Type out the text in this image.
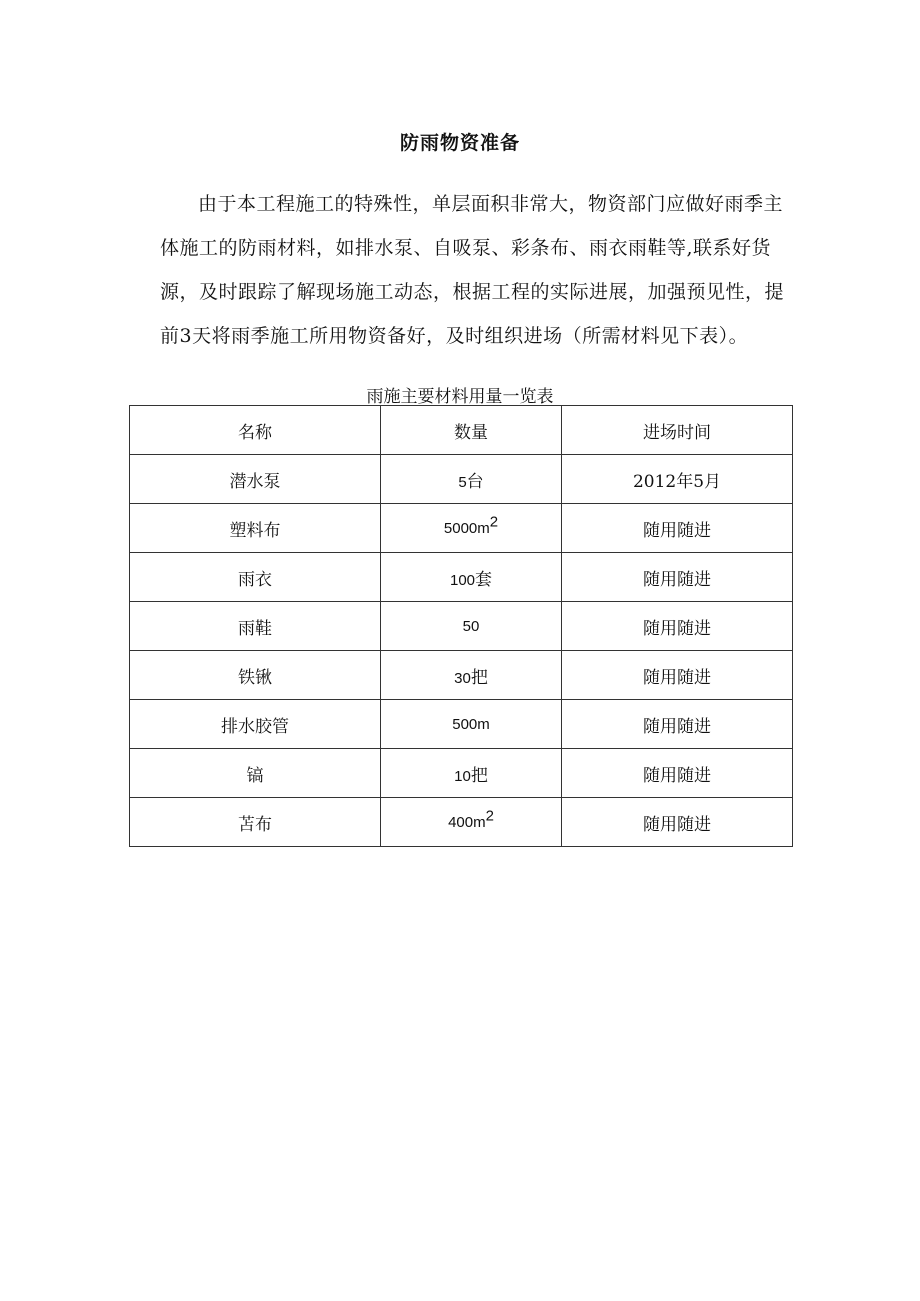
防雨物资准备

由于本工程施工的特殊性，单层面积非常大，物资部门应做好雨季主体施工的防雨材料，如排水泵、自吸泵、彩条布、雨衣雨鞋等,联系好货源，及时跟踪了解现场施工动态，根据工程的实际进展，加强预见性，提前3天将雨季施工所用物资备好，及时组织进场（所需材料见下表）。

雨施主要材料用量一览表
名称	数量	进场时间
潜水泵	5台	2012年5月
塑料布	$5000m^2$	随用随进
雨衣	100套	随用随进
雨鞋	50	随用随进
铁锹	30把	随用随进
排水胶管	500m	随用随进
镐	10把	随用随进
苫布	$400m^2$	随用随进
